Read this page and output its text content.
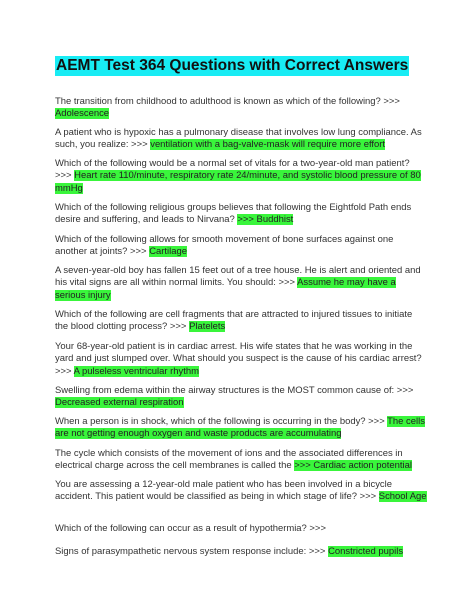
AEMT Test 364 Questions with Correct Answers

The transition from childhood to adulthood is known as which of the following? >>> Adolescence

A patient who is hypoxic has a pulmonary disease that involves low lung compliance. As such, you realize: >>> ventilation with a bag-valve-mask will require more effort

Which of the following would be a normal set of vitals for a two-year-old man patient? >>> Heart rate 110/minute, respiratory rate 24/minute, and systolic blood pressure of 80 mmHg

Which of the following religious groups believes that following the Eightfold Path ends desire and suffering, and leads to Nirvana? >>> Buddhist

Which of the following allows for smooth movement of bone surfaces against one another at joints? >>> Cartilage

A seven-year-old boy has fallen 15 feet out of a tree house. He is alert and oriented and his vital signs are all within normal limits. You should: >>> Assume he may have a serious injury

Which of the following are cell fragments that are attracted to injured tissues to initiate the blood clotting process? >>> Platelets

Your 68-year-old patient is in cardiac arrest. His wife states that he was working in the yard and just slumped over. What should you suspect is the cause of his cardiac arrest? >>> A pulseless ventricular rhythm

Swelling from edema within the airway structures is the MOST common cause of: >>> Decreased external respiration

When a person is in shock, which of the following is occurring in the body? >>> The cells are not getting enough oxygen and waste products are accumulating

The cycle which consists of the movement of ions and the associated differences in electrical charge across the cell membranes is called the >>> Cardiac action potential

You are assessing a 12-year-old male patient who has been involved in a bicycle accident. This patient would be classified as being in which stage of life? >>> School Age

Which of the following can occur as a result of hypothermia? >>>

Signs of parasympathetic nervous system response include: >>> Constricted pupils
